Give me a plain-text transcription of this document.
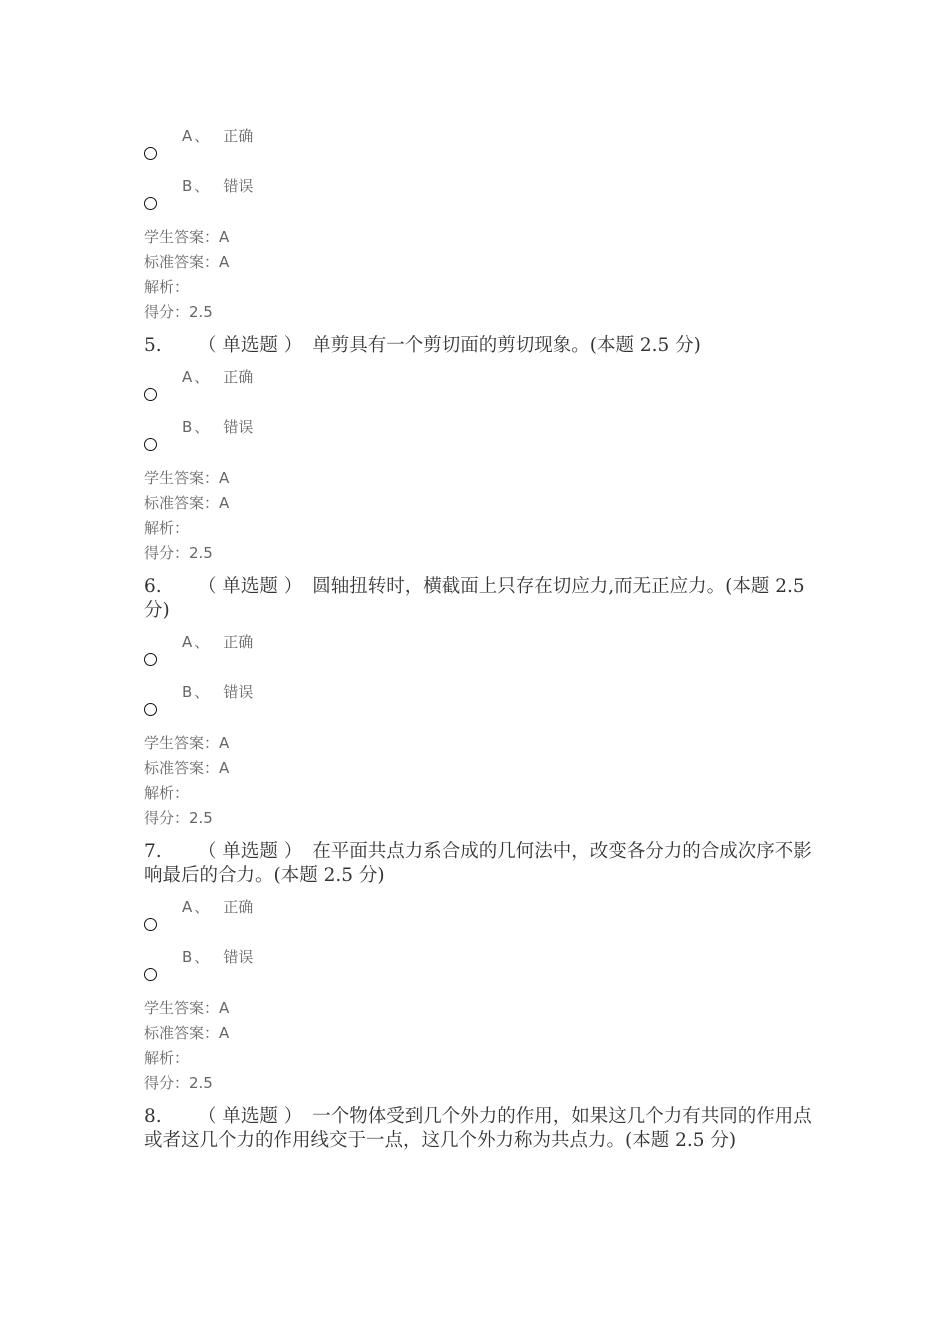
A 、 正确
B 、 错误

学生答案：A

标准答案：A

解析：

得分：2.5

5. （ 单选题 ） 单剪具有一个剪切面的剪切现象。(本题 2.5 分)
A 、 正确
B 、 错误

学生答案：A

标准答案：A

解析：

得分：2.5

6. （ 单选题 ） 圆轴扭转时，横截面上只存在切应力,而无正应力。(本题 2.5 分)
A 、 正确
B 、 错误

学生答案：A

标准答案：A

解析：

得分：2.5

7. （ 单选题 ） 在平面共点力系合成的几何法中，改变各分力的合成次序不影响最后的合力。(本题 2.5 分)
A 、 正确
B 、 错误

学生答案：A

标准答案：A

解析：

得分：2.5

8. （ 单选题 ） 一个物体受到几个外力的作用，如果这几个力有共同的作用点或者这几个力的作用线交于一点，这几个外力称为共点力。(本题 2.5 分)
